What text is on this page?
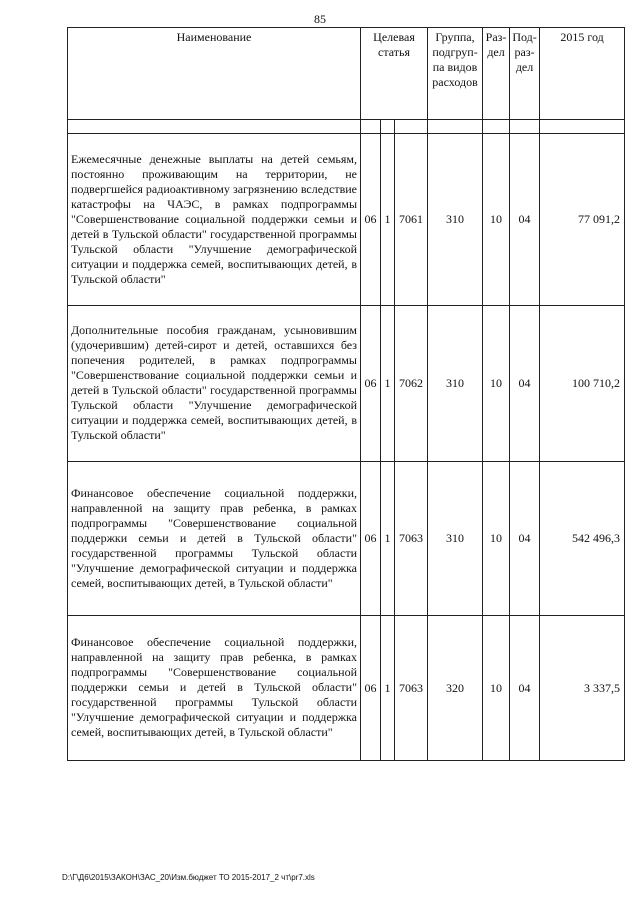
85
Наименование	Целевая статья			Группа, подгруп-па видов расходов	Раз-дел	Под-раз-дел	2015 год

Ежемесячные денежные выплаты на детей семьям, постоянно проживающим на территории, не подвергшейся радиоактивному загрязнению вследствие катастрофы на ЧАЭС, в рамках подпрограммы "Совершенствование социальной поддержки семьи и детей в Тульской области" государственной программы Тульской области "Улучшение демографической ситуации и поддержка семей, воспитывающих детей, в Тульской области"	06	1	7061	310	10	04	77 091,2
Дополнительные пособия гражданам, усыновившим (удочерившим) детей-сирот и детей, оставшихся без попечения родителей, в рамках подпрограммы "Совершенствование социальной поддержки семьи и детей в Тульской области" государственной программы Тульской области "Улучшение демографической ситуации и поддержка семей, воспитывающих детей, в Тульской области"	06	1	7062	310	10	04	100 710,2
Финансовое обеспечение социальной поддержки, направленной на защиту прав ребенка, в рамках подпрограммы "Совершенствование социальной поддержки семьи и детей в Тульской области" государственной программы Тульской области "Улучшение демографической ситуации и поддержка семей, воспитывающих детей, в Тульской области"	06	1	7063	310	10	04	542 496,3
Финансовое обеспечение социальной поддержки, направленной на защиту прав ребенка, в рамках подпрограммы "Совершенствование социальной поддержки семьи и детей в Тульской области" государственной программы Тульской области "Улучшение демографической ситуации и поддержка семей, воспитывающих детей, в Тульской области"	06	1	7063	320	10	04	3 337,5
D:\Г\Д6\2015\ЗАКОН\ЗАС_20\Изм.бюджет ТО 2015-2017_2 чт\pr7.xls
